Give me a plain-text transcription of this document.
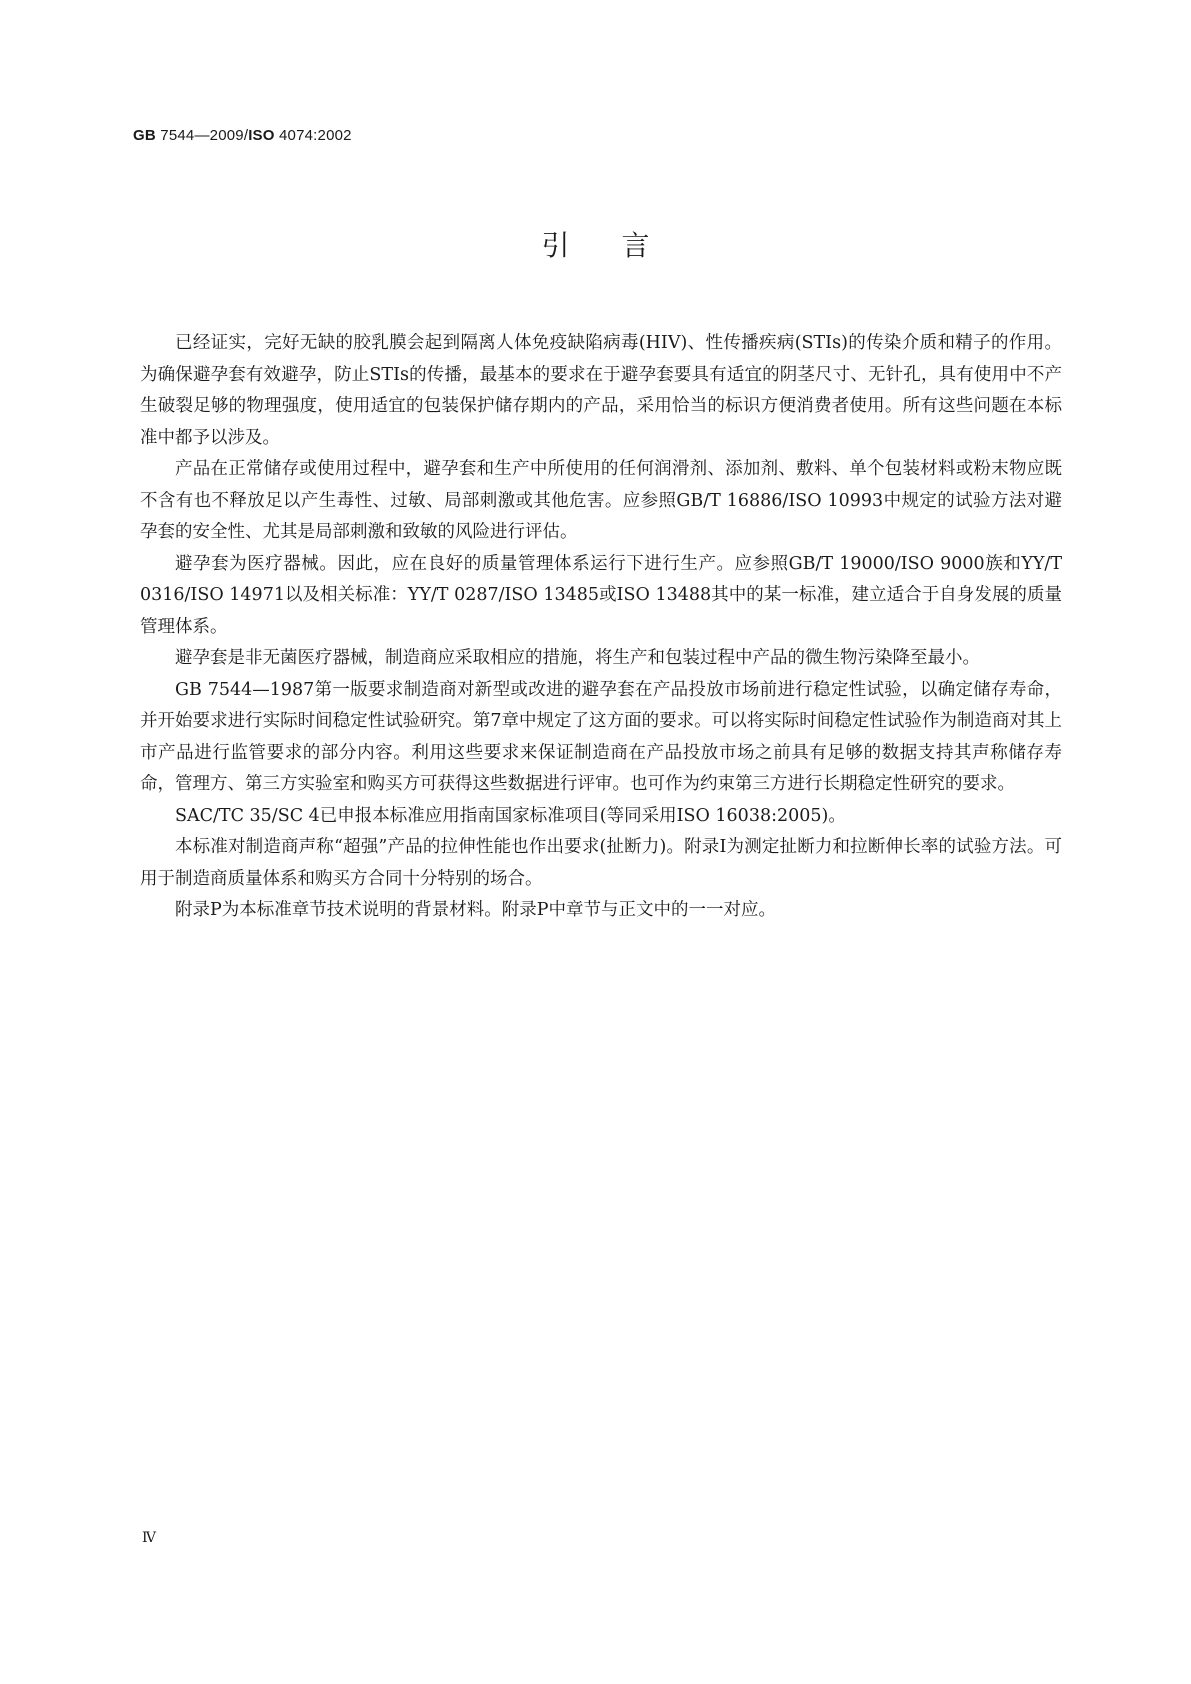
GB 7544—2009/ISO 4074:2002
引言

已经证实，完好无缺的胶乳膜会起到隔离人体免疫缺陷病毒(HIV)、性传播疾病(STIs)的传染介质和精子的作用。为确保避孕套有效避孕，防止STIs的传播，最基本的要求在于避孕套要具有适宜的阴茎尺寸、无针孔，具有使用中不产生破裂足够的物理强度，使用适宜的包装保护储存期内的产品，采用恰当的标识方便消费者使用。所有这些问题在本标准中都予以涉及。

产品在正常储存或使用过程中，避孕套和生产中所使用的任何润滑剂、添加剂、敷料、单个包装材料或粉末物应既不含有也不释放足以产生毒性、过敏、局部刺激或其他危害。应参照GB/T 16886/ISO 10993中规定的试验方法对避孕套的安全性、尤其是局部刺激和致敏的风险进行评估。

避孕套为医疗器械。因此，应在良好的质量管理体系运行下进行生产。应参照GB/T 19000/ISO 9000族和YY/T 0316/ISO 14971以及相关标准：YY/T 0287/ISO 13485或ISO 13488其中的某一标准，建立适合于自身发展的质量管理体系。

避孕套是非无菌医疗器械，制造商应采取相应的措施，将生产和包装过程中产品的微生物污染降至最小。

GB 7544—1987第一版要求制造商对新型或改进的避孕套在产品投放市场前进行稳定性试验，以确定储存寿命，并开始要求进行实际时间稳定性试验研究。第7章中规定了这方面的要求。可以将实际时间稳定性试验作为制造商对其上市产品进行监管要求的部分内容。利用这些要求来保证制造商在产品投放市场之前具有足够的数据支持其声称储存寿命，管理方、第三方实验室和购买方可获得这些数据进行评审。也可作为约束第三方进行长期稳定性研究的要求。

SAC/TC 35/SC 4已申报本标准应用指南国家标准项目(等同采用ISO 16038:2005)。

本标准对制造商声称“超强”产品的拉伸性能也作出要求(扯断力)。附录I为测定扯断力和拉断伸长率的试验方法。可用于制造商质量体系和购买方合同十分特别的场合。

附录P为本标准章节技术说明的背景材料。附录P中章节与正文中的一一对应。

Ⅳ
